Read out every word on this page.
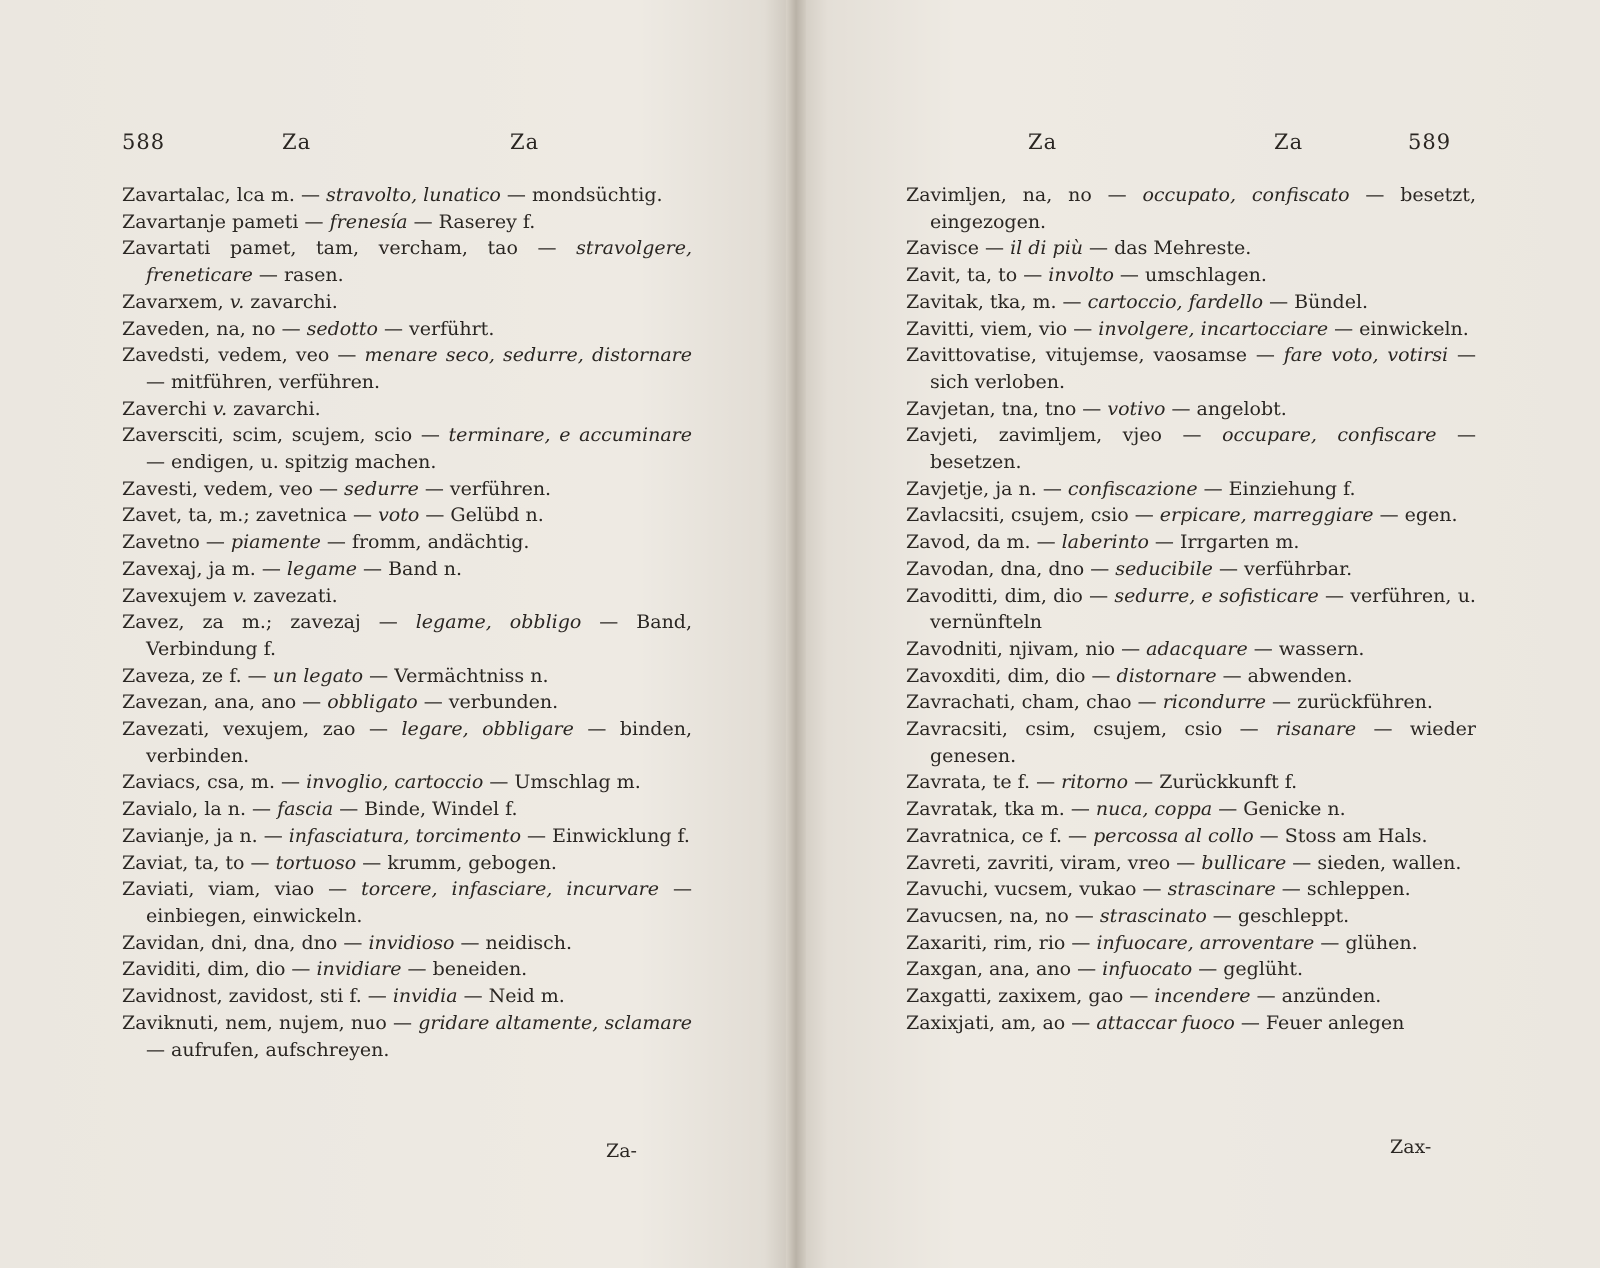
588	Za	Za
Zavartalac, lca m. — stravolto, lunatico — mondsüchtig.
Zavartanje pameti — frenesía — Raserey f.
Zavartati pamet, tam, vercham, tao — stravolgere, freneticare — rasen.
Zavarxem, v. zavarchi.
Zaveden, na, no — sedotto — verführt.
Zavedsti, vedem, veo — menare seco, sedurre, distornare — mitführen, verführen.
Zaverchi v. zavarchi.
Zaversciti, scim, scujem, scio — terminare, e accuminare — endigen, u. spitzig machen.
Zavesti, vedem, veo — sedurre — verführen.
Zavet, ta, m.; zavetnica — voto — Gelübd n.
Zavetno — piamente — fromm, andächtig.
Zavexaj, ja m. — legame — Band n.
Zavexujem v. zavezati.
Zavez, za m.; zavezaj — legame, obbligo — Band, Verbindung f.
Zaveza, ze f. — un legato — Vermächtniss n.
Zavezan, ana, ano — obbligato — verbunden.
Zavezati, vexujem, zao — legare, obbligare — binden, verbinden.
Zaviacs, csa, m. — invoglio, cartoccio — Umschlag m.
Zavialo, la n. — fascia — Binde, Windel f.
Zavianje, ja n. — infasciatura, torcimento — Einwicklung f.
Zaviat, ta, to — tortuoso — krumm, gebogen.
Zaviati, viam, viao — torcere, infasciare, incurvare — einbiegen, einwickeln.
Zavidan, dni, dna, dno — invidioso — neidisch.
Zaviditi, dim, dio — invidiare — beneiden.
Zavidnost, zavidost, sti f. — invidia — Neid m.
Zaviknuti, nem, nujem, nuo — gridare altamente, sclamare — aufrufen, aufschreyen.
Za-
Za	Za	589
Zavimljen, na, no — occupato, confiscato — besetzt, eingezogen.
Zavisce — il di più — das Mehreste.
Zavit, ta, to — involto — umschlagen.
Zavitak, tka, m. — cartoccio, fardello — Bündel.
Zavitti, viem, vio — involgere, incartocciare — einwickeln.
Zavittovatise, vitujemse, vaosamse — fare voto, votirsi — sich verloben.
Zavjetan, tna, tno — votivo — angelobt.
Zavjeti, zavimljem, vjeo — occupare, confiscare — besetzen.
Zavjetje, ja n. — confiscazione — Einziehung f.
Zavlacsiti, csujem, csio — erpicare, marreggiare — egen.
Zavod, da m. — laberinto — Irrgarten m.
Zavodan, dna, dno — seducibile — verführbar.
Zavoditti, dim, dio — sedurre, e sofisticare — verführen, u. vernünfteln
Zavodniti, njivam, nio — adacquare — wassern.
Zavoxditi, dim, dio — distornare — abwenden.
Zavrachati, cham, chao — ricondurre — zurückführen.
Zavracsiti, csim, csujem, csio — risanare — wieder genesen.
Zavrata, te f. — ritorno — Zurückkunft f.
Zavratak, tka m. — nuca, coppa — Genicke n.
Zavratnica, ce f. — percossa al collo — Stoss am Hals.
Zavreti, zavriti, viram, vreo — bullicare — sieden, wallen.
Zavuchi, vucsem, vukao — strascinare — schleppen.
Zavucsen, na, no — strascinato — geschleppt.
Zaxariti, rim, rio — infuocare, arroventare — glühen.
Zaxgan, ana, ano — infuocato — geglüht.
Zaxgatti, zaxixem, gao — incendere — anzünden.
Zaxixjati, am, ao — attaccar fuoco — Feuer anlegen
Zax-
